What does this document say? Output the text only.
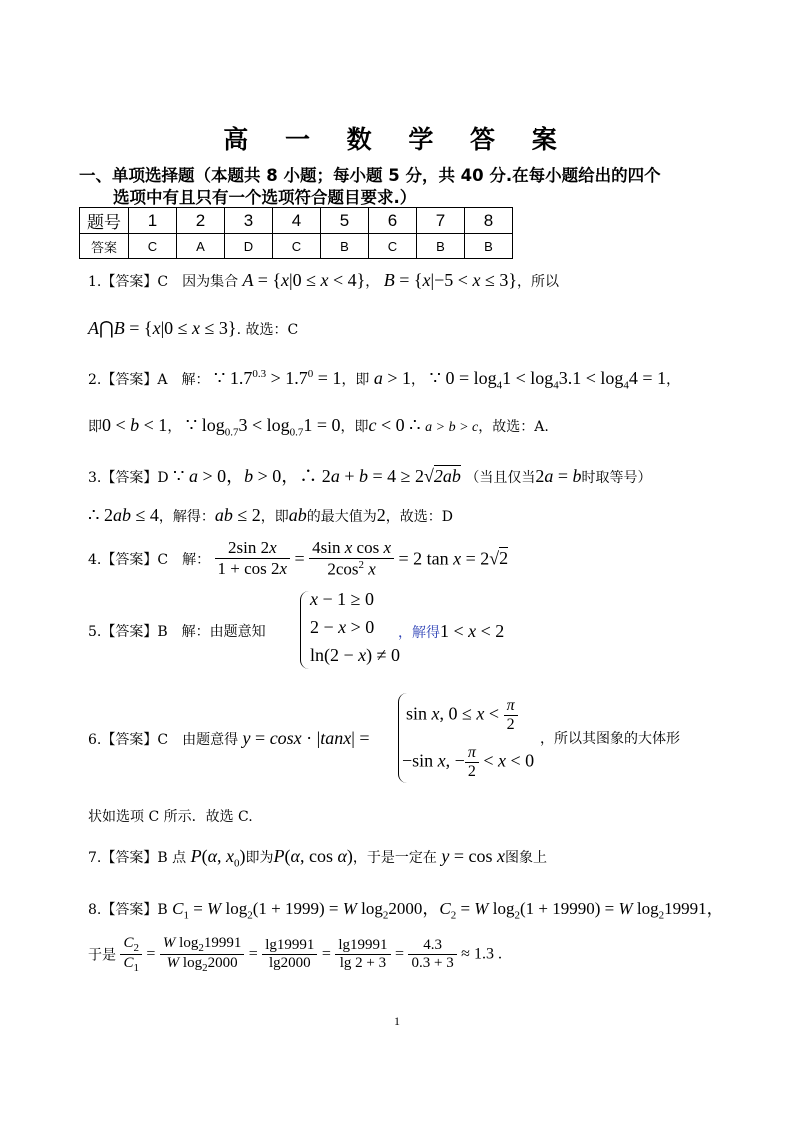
高 一 数 学 答 案
一、单项选择题（本题共 8 小题；每小题 5 分，共 40 分.在每小题给出的四个
选项中有且只有一个选项符合题目要求.）
题号	1	2	3	4	5	6	7	8
答案	C	A	D	C	B	C	B	B
1.【答案】C　因为集合 A = {x|0 ≤ x < 4}， B = {x|−5 < x ≤ 3}，所以
A⋂B = {x|0 ≤ x ≤ 3}. 故选：C
2.【答案】A　解： ∵ $1.7^{0.3} > 1.7^0 = 1$，即 a > 1， ∵ $0 = \log_41 < \log_43.1 < \log_44 = 1$，
即0 < b < 1， ∵ $\log_{0.7}3 < \log_{0.7}1 = 0$，即c < 0 ∴ a > b > c，故选：A.
3.【答案】D ∵ a > 0，b > 0，∴ 2a + b = 4 ≥ 2√2ab （当且仅当2a = b时取等号）
∴ 2ab ≤ 4，解得：ab ≤ 2，即ab的最大值为2，故选：D
4.【答案】C　解： $\frac{2\sin 2x}{1 + \cos 2x} = \frac{\text{4sin x cos x}}{2\cos^2 x} = 2$ tan x = 2√2
5.【答案】B　解：由题意知
x − 1 ≥ 0
2 − x > 0
ln(2 − x) ≠ 0
，解得1 < x < 2
6.【答案】C　由题意得 y = cosx · |tanx| =
sin x, $0 \le x < \frac{\pi}{2}$
−sin x, − $\frac{\pi}{2} < x < 0$
，所以其图象的大体形
状如选项 C 所示．故选 C.
7.【答案】B 点 P(α, $x_0$)即为P(α, cos α)，于是一定在 y = cos x图象上
8.【答案】B $C_1 = W$ $\log_2(1 + 1999) = W$ $\log_22000$，$C_2 = W$ $\log_2(1 + 19990) = W$ $\log_219991$，
于是 $\frac{C_2}{C_1} = \frac{W \log_219991}{W \log_22000} = \frac{\lg 19991}{\lg 2000} = \frac{\lg 19991}{\lg 2 + 3} = \frac{4.3}{0.3 + 3} \approx 1.3$ .
1
